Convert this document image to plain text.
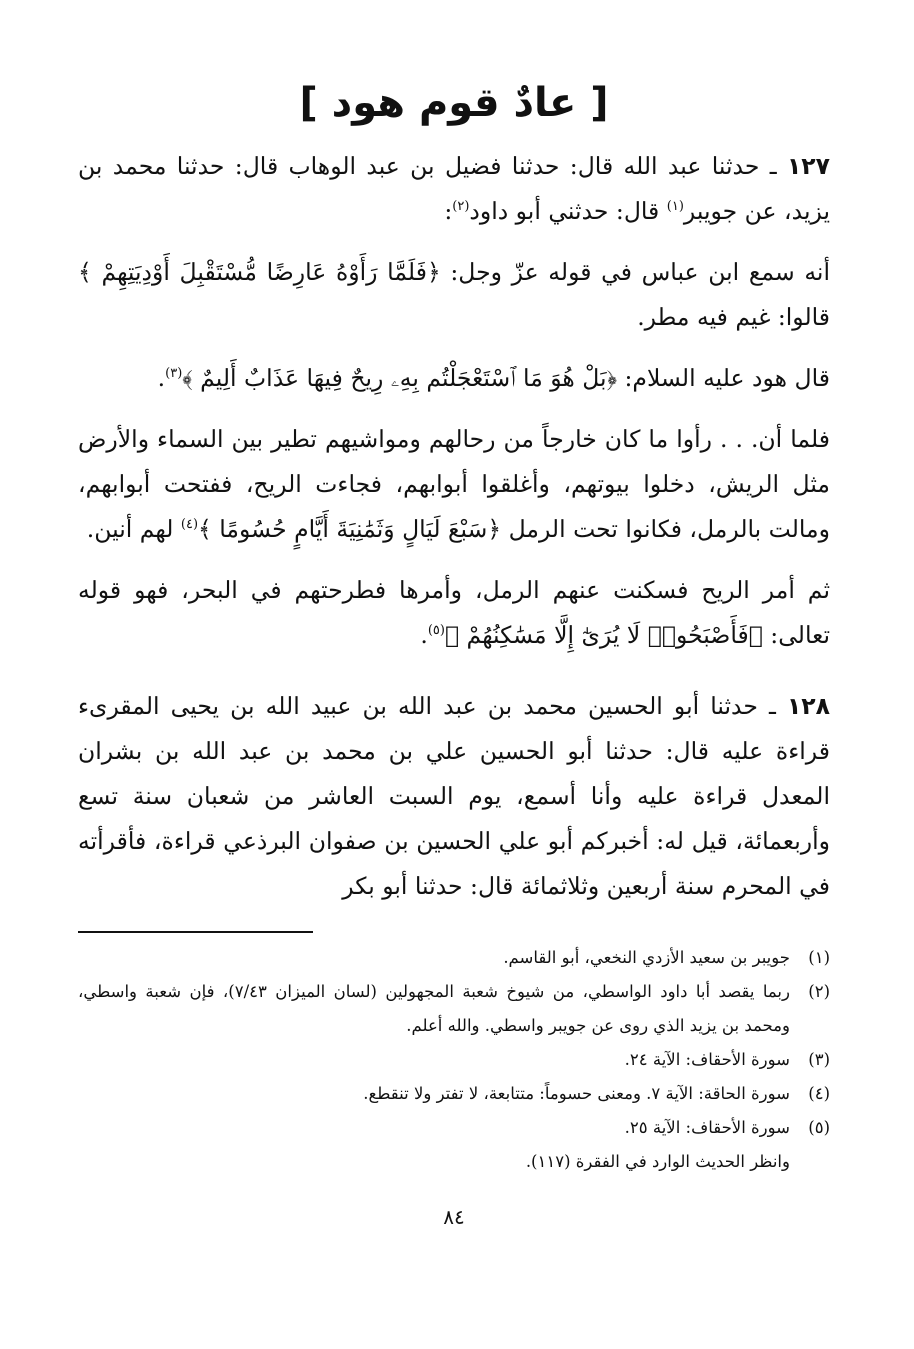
[ عادٌ قوم هود ]

١٢٧ ـ حدثنا عبد الله قال: حدثنا فضيل بن عبد الوهاب قال: حدثنا محمد بن يزيد، عن جويبر$^{(١)}$ قال: حدثني أبو داود$^{(٢)}$:

أنه سمع ابن عباس في قوله عزّ وجل: ﴿فَلَمَّا رَأَوْهُ عَارِضًا مُّسْتَقْبِلَ أَوْدِيَتِهِمْ ﴾ قالوا: غيم فيه مطر.

قال هود عليه السلام: ﴿بَلْ هُوَ مَا ٱسْتَعْجَلْتُم بِهِۦ رِيحٌ فِيهَا عَذَابٌ أَلِيمٌ ﴾$^{(٣)}$.

فلما أن. . . رأوا ما كان خارجاً من رحالهم ومواشيهم تطير بين السماء والأرض مثل الريش، دخلوا بيوتهم، وأغلقوا أبوابهم، فجاءت الريح، ففتحت أبوابهم، ومالت بالرمل، فكانوا تحت الرمل ﴿سَبْعَ لَيَالٍ وَثَمَٰنِيَةَ أَيَّامٍ حُسُومًا ﴾$^{(٤)}$ لهم أنين.

ثم أمر الريح فسكنت عنهم الرمل، وأمرها فطرحتهم في البحر، فهو قوله تعالى: ﴿فَأَصْبَحُوا۟ لَا يُرَىٰٓ إِلَّا مَسَٰكِنُهُمْ ﴾$^{(٥)}$.

١٢٨ ـ حدثنا أبو الحسين محمد بن عبد الله بن عبيد الله بن يحيى المقرىء قراءة عليه قال: حدثنا أبو الحسين علي بن محمد بن عبد الله بن بشران المعدل قراءة عليه وأنا أسمع، يوم السبت العاشر من شعبان سنة تسع وأربعمائة، قيل له: أخبركم أبو علي الحسين بن صفوان البرذعي قراءة، فأقرأته في المحرم سنة أربعين وثلاثمائة قال: حدثنا أبو بكر

(١)
جويبر بن سعيد الأزدي النخعي، أبو القاسم.

(٢)
ربما يقصد أبا داود الواسطي، من شيوخ شعبة المجهولين (لسان الميزان ٧/٤٣)، فإن شعبة واسطي، ومحمد بن يزيد الذي روى عن جويبر واسطي. والله أعلم.

(٣)
سورة الأحقاف: الآية ٢٤.

(٤)
سورة الحاقة: الآية ٧. ومعنى حسوماً: متتابعة، لا تفتر ولا تنقطع.

(٥)
سورة الأحقاف: الآية ٢٥.

وانظر الحديث الوارد في الفقرة (١١٧).

٨٤
